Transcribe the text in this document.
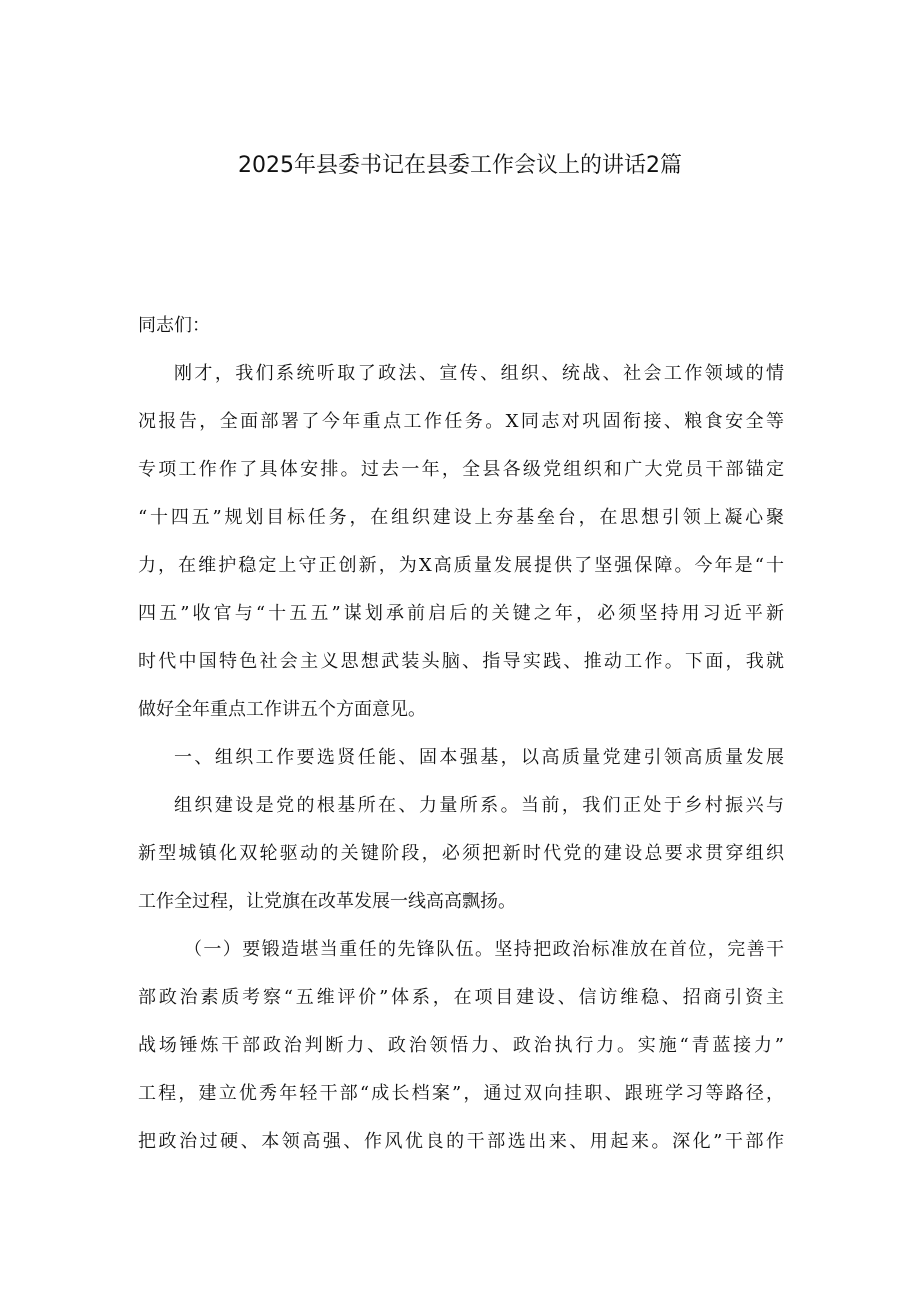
2025年县委书记在县委工作会议上的讲话2篇
同志们：
刚才，我们系统听取了政法、宣传、组织、统战、社会工作领域的情
况报告，全面部署了今年重点工作任务。X同志对巩固衔接、粮食安全等
专项工作作了具体安排。过去一年，全县各级党组织和广大党员干部锚定
“十四五”规划目标任务，在组织建设上夯基垒台，在思想引领上凝心聚
力，在维护稳定上守正创新，为X高质量发展提供了坚强保障。今年是“十
四五”收官与“十五五”谋划承前启后的关键之年，必须坚持用习近平新
时代中国特色社会主义思想武装头脑、指导实践、推动工作。下面，我就
做好全年重点工作讲五个方面意见。
一、组织工作要选贤任能、固本强基，以高质量党建引领高质量发展
组织建设是党的根基所在、力量所系。当前，我们正处于乡村振兴与
新型城镇化双轮驱动的关键阶段，必须把新时代党的建设总要求贯穿组织
工作全过程，让党旗在改革发展一线高高飘扬。
（一）要锻造堪当重任的先锋队伍。坚持把政治标准放在首位，完善干
部政治素质考察“五维评价”体系，在项目建设、信访维稳、招商引资主
战场锤炼干部政治判断力、政治领悟力、政治执行力。实施“青蓝接力”
工程，建立优秀年轻干部“成长档案”，通过双向挂职、跟班学习等路径，
把政治过硬、本领高强、作风优良的干部选出来、用起来。深化”干部作
